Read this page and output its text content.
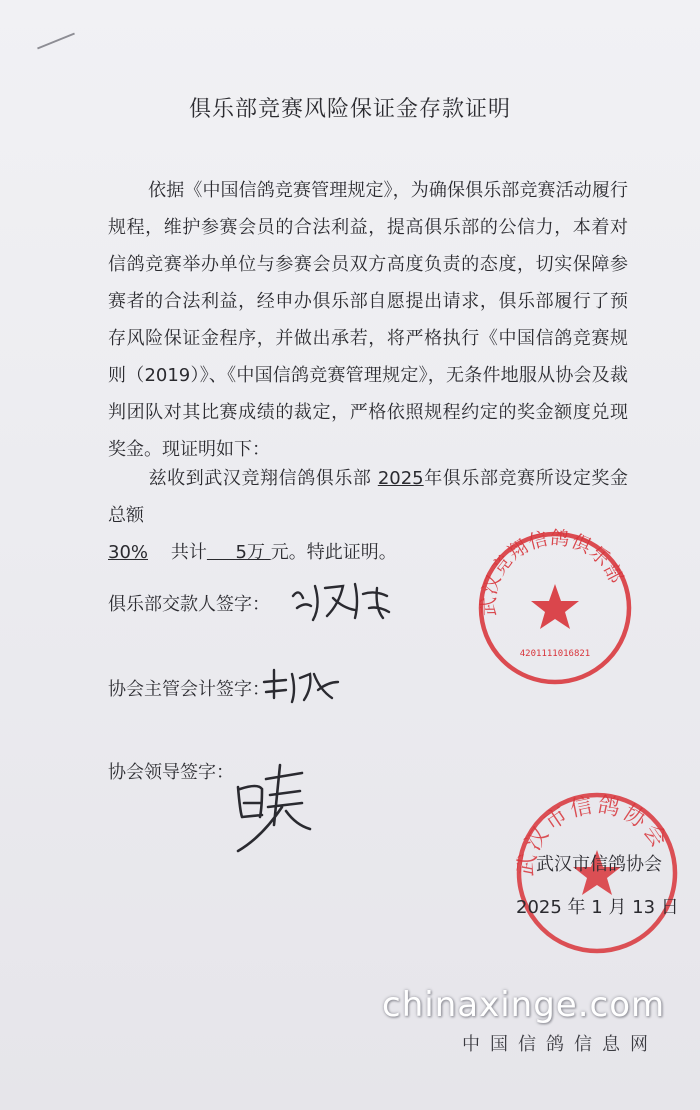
俱乐部竞赛风险保证金存款证明
依据《中国信鸽竞赛管理规定》，为确保俱乐部竞赛活动履行规程，维护参赛会员的合法利益，提高俱乐部的公信力，本着对信鸽竞赛举办单位与参赛会员双方高度负责的态度，切实保障参赛者的合法利益，经申办俱乐部自愿提出请求，俱乐部履行了预存风险保证金程序，并做出承若，将严格执行《中国信鸽竞赛规则（2019）》、《中国信鸽竞赛管理规定》，无条件地服从协会及裁判团队对其比赛成绩的裁定，严格依照规程约定的奖金额度兑现奖金。现证明如下：
兹收到武汉竞翔信鸽俱乐部 2025年俱乐部竞赛所设定奖金总额
30% 共计 5万 元。特此证明。
俱乐部交款人签字：
协会主管会计签字：
协会领导签字：
武汉竞翔信鸽俱乐部
4201111016821
武汉市信鸽协会
武汉市信鸽协会
2025 年 1 月 13 日
chinaxinge.com
中国信鸽信息网
